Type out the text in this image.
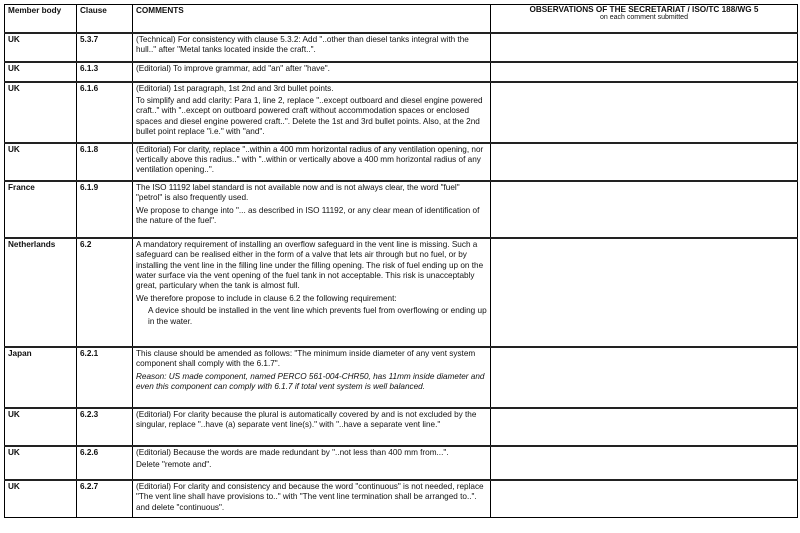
Member body	Clause	COMMENTS	OBSERVATIONS OF THE SECRETARIAT / ISO/TC 188/WG 5
on each comment submitted

UK	5.3.7	(Technical) For consistency with clause 5.3.2: Add "..other than diesel tanks integral with the hull.." after "Metal tanks located inside the craft..".	

UK	6.1.3	(Editorial) To improve grammar, add "an" after "have".	

UK	6.1.6	(Editorial) 1st paragraph, 1st 2nd and 3rd bullet points.

To simplify and add clarity: Para 1, line 2, replace "..except outboard and diesel engine powered craft.." with "..except on outboard powered craft without accommodation spaces or enclosed spaces and diesel engine powered craft..". Delete the 1st and 3rd bullet points. Also, at the 2nd bullet point replace "i.e." with "and".	

UK	6.1.8	(Editorial) For clarity, replace "..within a 400 mm horizontal radius of any ventilation opening, nor vertically above this radius.." with "..within or vertically above a 400 mm horizontal radius of any ventilation opening..".	

France	6.1.9	The ISO 11192 label standard is not available now and is not always clear, the word "fuel" "petrol" is also frequently used.

We propose to change into "... as described in ISO 11192, or any clear mean of identification of the nature of the fuel".	

Netherlands	6.2	A mandatory requirement of installing an overflow safeguard in the vent line is missing. Such a safeguard can be realised either in the form of a valve that lets air through but no fuel, or by installing the vent line in the filling line under the filling opening. The risk of fuel ending up on the water surface via the vent opening of the fuel tank in not acceptable. This risk is unacceptably great, particulary when the tank is almost full.

We therefore propose to include in clause 6.2 the following requirement:

A device should be installed in the vent line which prevents fuel from overflowing or ending up in the water.	

Japan	6.2.1	This clause should be amended as follows: "The minimum inside diameter of any vent system component shall comply with the 6.1.7".

Reason: US made component, named PERCO 561-004-CHR50, has 11mm inside diameter and even this component can comply with 6.1.7 if total vent system is well balanced.	

UK	6.2.3	(Editorial) For clarity because the plural is automatically covered by and is not excluded by the singular, replace "..have (a) separate vent line(s)." with "..have a separate vent line."	

UK	6.2.6	(Editorial) Because the words are made redundant by "..not less than 400 mm from...".

Delete "remote and".	

UK	6.2.7	(Editorial) For clarity and consistency and because the word "continuous" is not needed, replace "The vent line shall have provisions to.." with "The vent line termination shall be arranged to..". and delete "continuous".	
